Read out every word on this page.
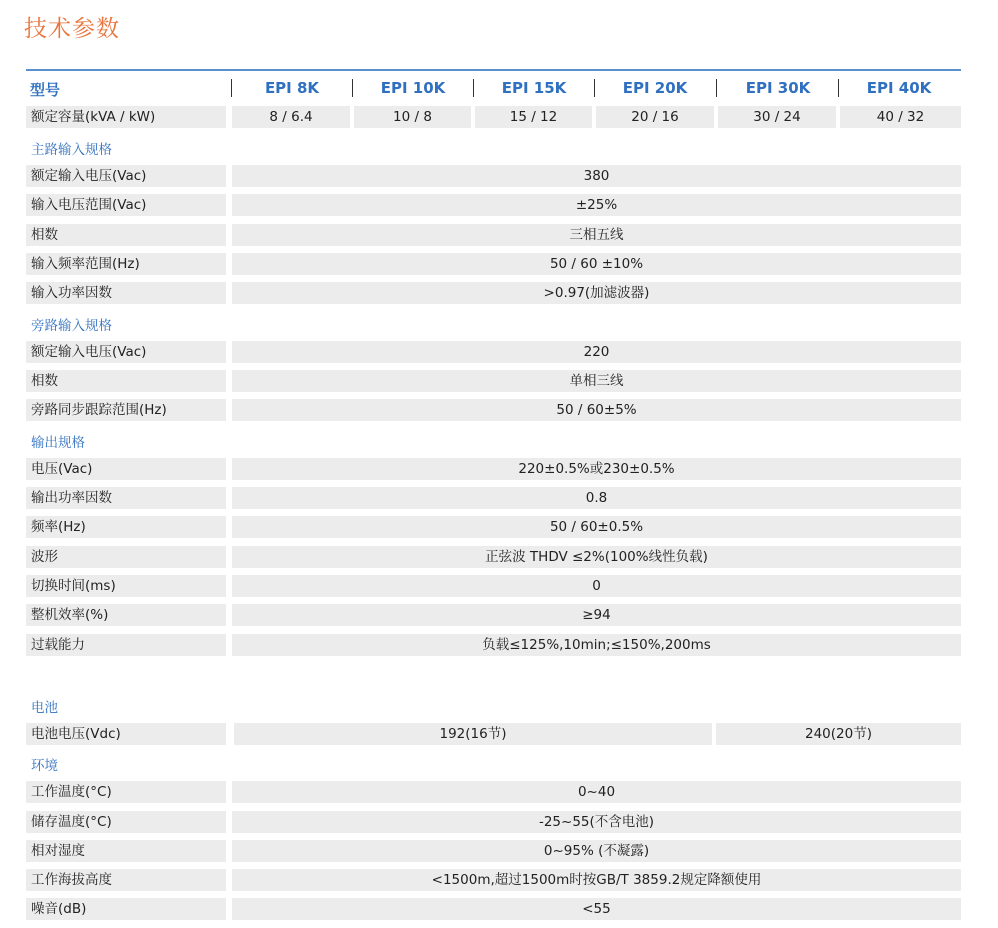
技术参数
型号	EPI 8K	EPI 10K	EPI 15K	EPI 20K	EPI 30K	EPI 40K
额定容量(kVA / kW)	8 / 6.4	10 / 8	15 / 12	20 / 16	30 / 24	40 / 32
主路输入规格
额定输入电压(Vac)	380
输入电压范围(Vac)	±25%
相数	三相五线
输入频率范围(Hz)	50 / 60 ±10%
输入功率因数	>0.97(加滤波器)
旁路输入规格
额定输入电压(Vac)	220
相数	单相三线
旁路同步跟踪范围(Hz)	50 / 60±5%
输出规格
电压(Vac)	220±0.5%或230±0.5%
输出功率因数	0.8
频率(Hz)	50 / 60±0.5%
波形	正弦波 THDV ≤2%(100%线性负载)
切换时间(ms)	0
整机效率(%)	≥94
过载能力	负载≤125%,10min;≤150%,200ms
电池
电池电压(Vdc)	192(16节)	240(20节)
环境
工作温度(°C)	0~40
储存温度(°C)	-25~55(不含电池)
相对湿度	0~95% (不凝露)
工作海拔高度	<1500m,超过1500m时按GB/T 3859.2规定降额使用
噪音(dB)	<55
